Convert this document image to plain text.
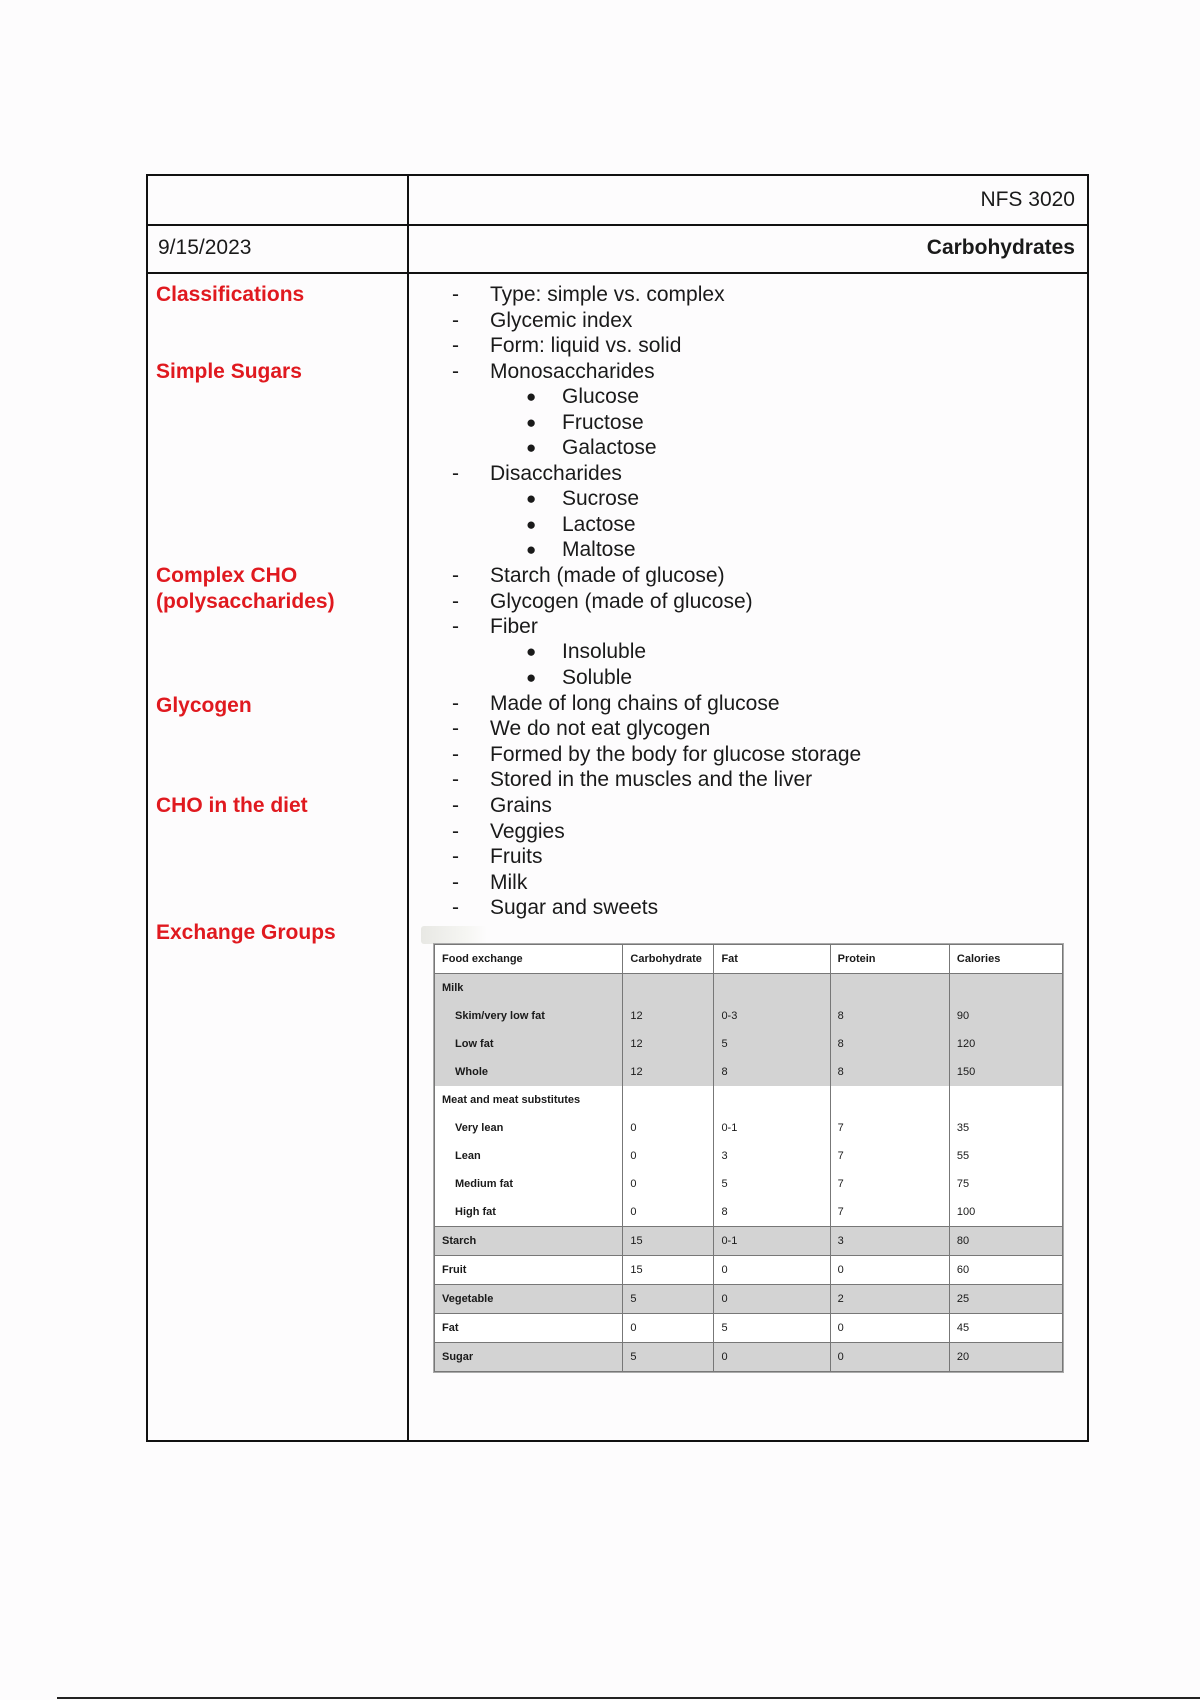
NFS 3020
9/15/2023	Carbohydrates
Classifications
Simple Sugars
Complex CHO
(polysaccharides)
Glycogen
CHO in the diet
Exchange Groups
- Type: simple vs. complex
- Glycemic index
- Form: liquid vs. solid
- Monosaccharides
● Glucose
● Fructose
● Galactose
- Disaccharides
● Sucrose
● Lactose
● Maltose
- Starch (made of glucose)
- Glycogen (made of glucose)
- Fiber
● Insoluble
● Soluble
- Made of long chains of glucose
- We do not eat glycogen
- Formed by the body for glucose storage
- Stored in the muscles and the liver
- Grains
- Veggies
- Fruits
- Milk
- Sugar and sweets
Food exchange	Carbohydrate	Fat	Protein	Calories
Milk				
Skim/very low fat	12	0-3	8	90
Low fat	12	5	8	120
Whole	12	8	8	150
Meat and meat substitutes				
Very lean	0	0-1	7	35
Lean	0	3	7	55
Medium fat	0	5	7	75
High fat	0	8	7	100
Starch	15	0-1	3	80
Fruit	15	0	0	60
Vegetable	5	0	2	25
Fat	0	5	0	45
Sugar	5	0	0	20
